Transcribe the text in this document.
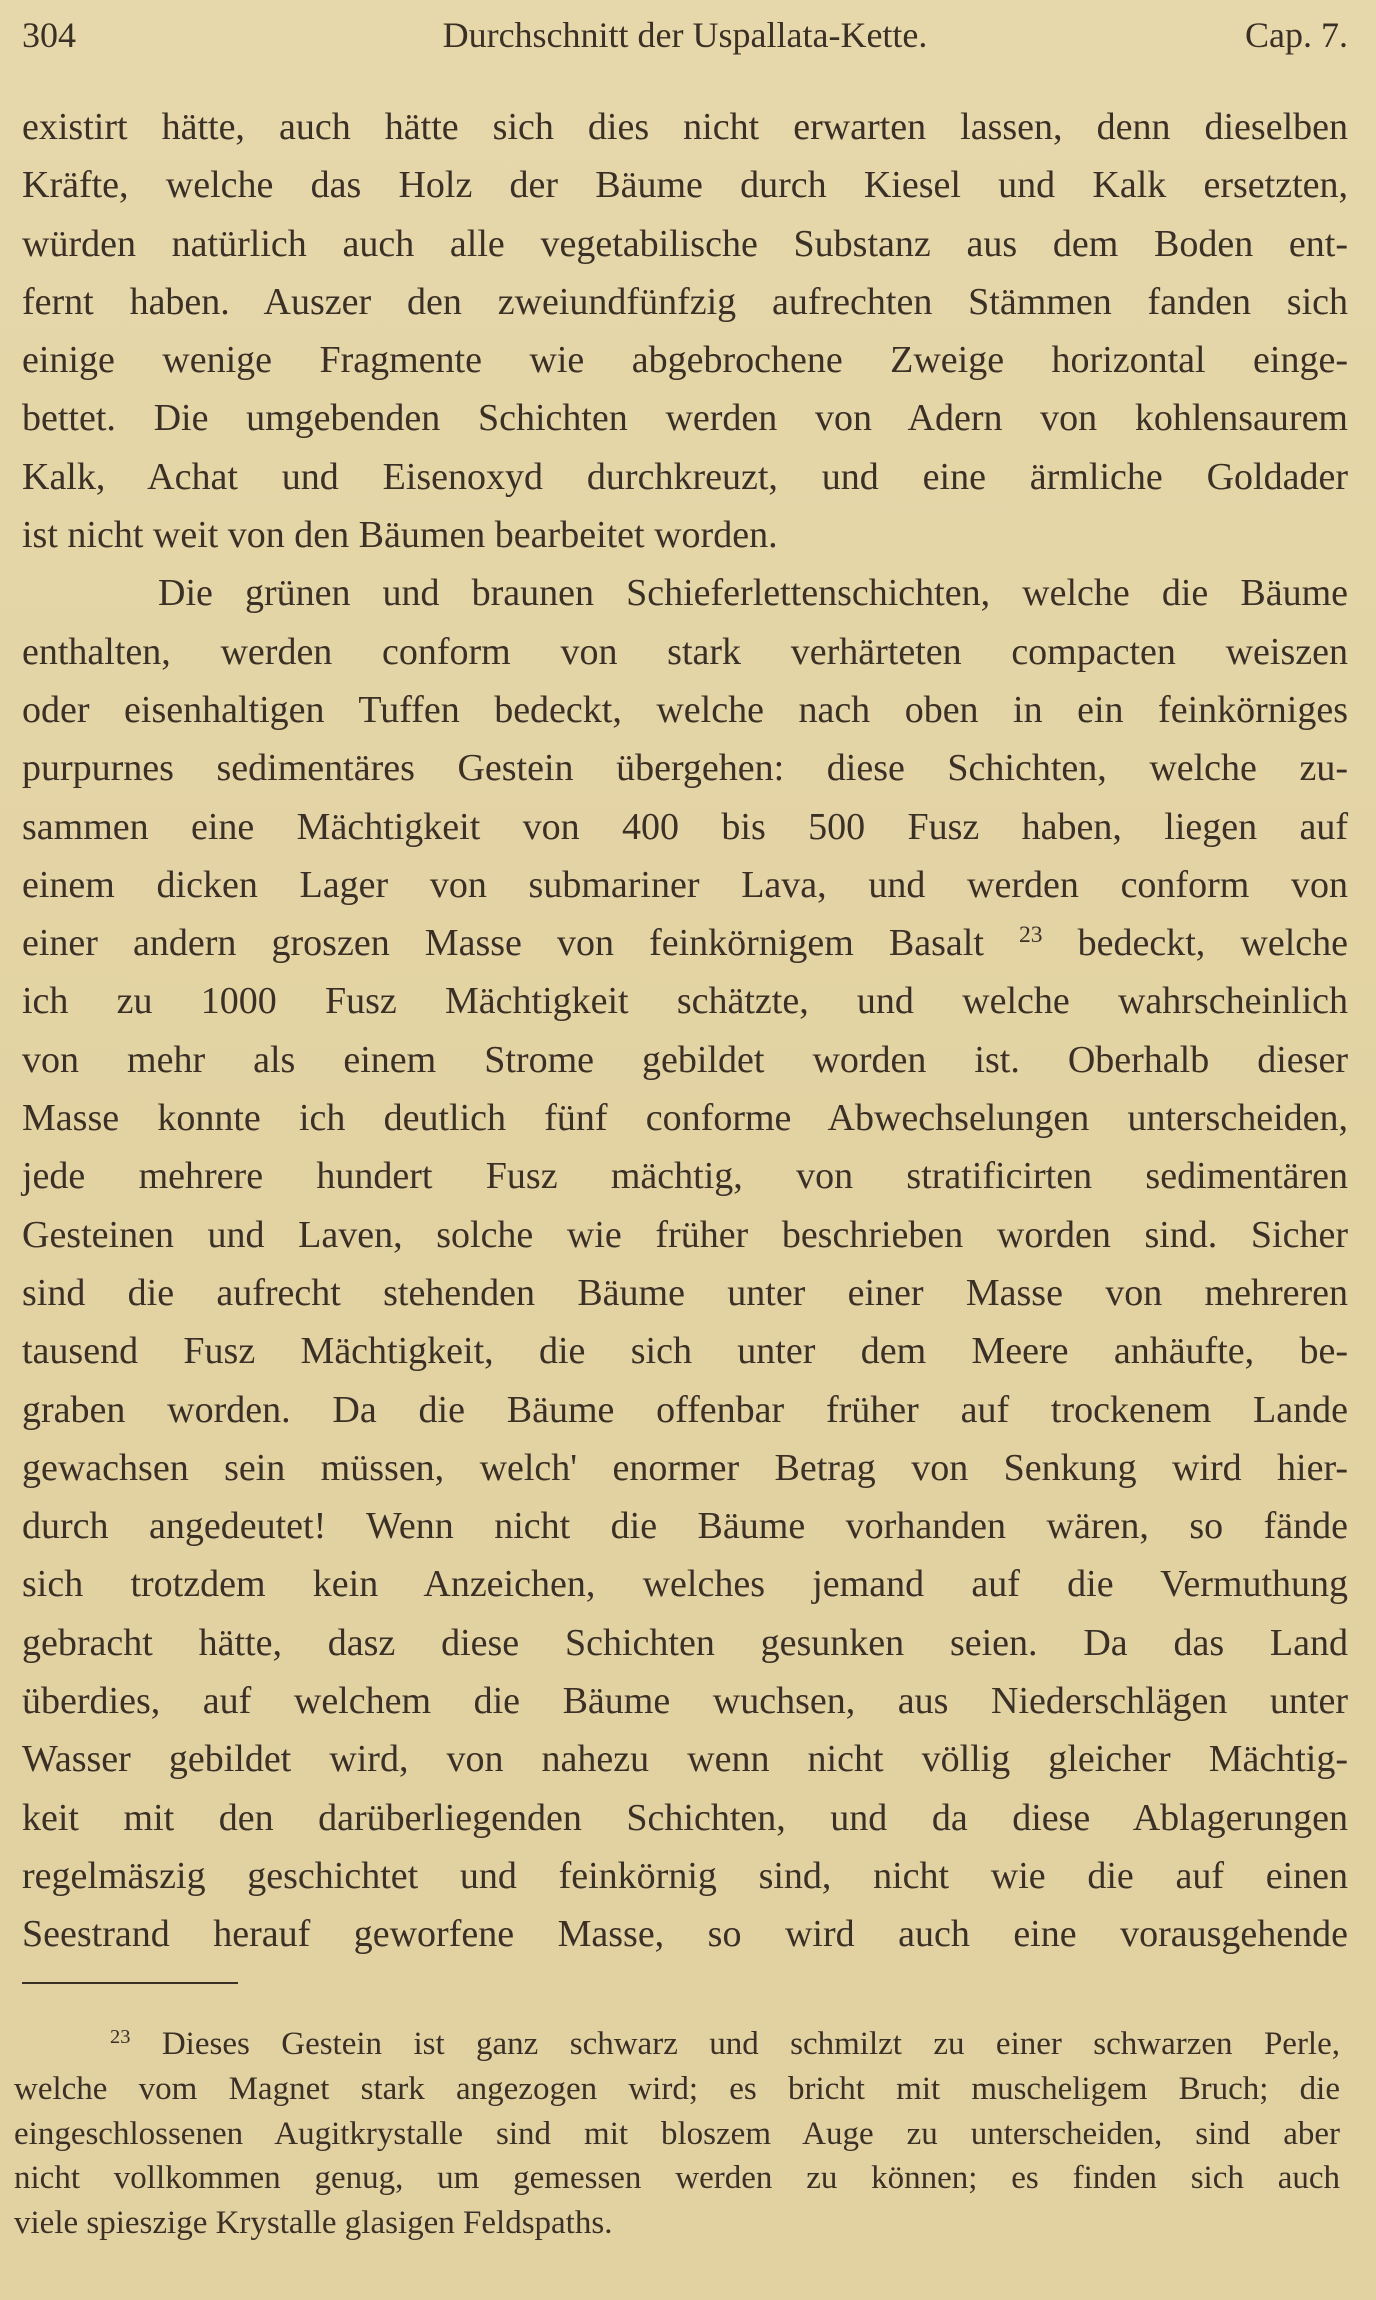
304	Durchschnitt der Uspallata-Kette.	Cap. 7.
existirt hätte, auch hätte sich dies nicht erwarten lassen, denn dieselben
Kräfte, welche das Holz der Bäume durch Kiesel und Kalk ersetzten,
würden natürlich auch alle vegetabilische Substanz aus dem Boden ent-
fernt haben. Auszer den zweiundfünfzig aufrechten Stämmen fanden sich
einige wenige Fragmente wie abgebrochene Zweige horizontal einge-
bettet. Die umgebenden Schichten werden von Adern von kohlensaurem
Kalk, Achat und Eisenoxyd durchkreuzt, und eine ärmliche Goldader
ist nicht weit von den Bäumen bearbeitet worden.
Die grünen und braunen Schieferlettenschichten, welche die Bäume
enthalten, werden conform von stark verhärteten compacten weiszen
oder eisenhaltigen Tuffen bedeckt, welche nach oben in ein feinkörniges
purpurnes sedimentäres Gestein übergehen: diese Schichten, welche zu-
sammen eine Mächtigkeit von 400 bis 500 Fusz haben, liegen auf
einem dicken Lager von submariner Lava, und werden conform von
einer andern groszen Masse von feinkörnigem Basalt $^{23}$ bedeckt, welche
ich zu 1000 Fusz Mächtigkeit schätzte, und welche wahrscheinlich
von mehr als einem Strome gebildet worden ist. Oberhalb dieser
Masse konnte ich deutlich fünf conforme Abwechselungen unterscheiden,
jede mehrere hundert Fusz mächtig, von stratificirten sedimentären
Gesteinen und Laven, solche wie früher beschrieben worden sind. Sicher
sind die aufrecht stehenden Bäume unter einer Masse von mehreren
tausend Fusz Mächtigkeit, die sich unter dem Meere anhäufte, be-
graben worden. Da die Bäume offenbar früher auf trockenem Lande
gewachsen sein müssen, welch' enormer Betrag von Senkung wird hier-
durch angedeutet! Wenn nicht die Bäume vorhanden wären, so fände
sich trotzdem kein Anzeichen, welches jemand auf die Vermuthung
gebracht hätte, dasz diese Schichten gesunken seien. Da das Land
überdies, auf welchem die Bäume wuchsen, aus Niederschlägen unter
Wasser gebildet wird, von nahezu wenn nicht völlig gleicher Mächtig-
keit mit den darüberliegenden Schichten, und da diese Ablagerungen
regelmäszig geschichtet und feinkörnig sind, nicht wie die auf einen
Seestrand herauf geworfene Masse, so wird auch eine vorausgehende
$^{23}$ Dieses Gestein ist ganz schwarz und schmilzt zu einer schwarzen Perle,
welche vom Magnet stark angezogen wird; es bricht mit muscheligem Bruch; die
eingeschlossenen Augitkrystalle sind mit bloszem Auge zu unterscheiden, sind aber
nicht vollkommen genug, um gemessen werden zu können; es finden sich auch
viele spieszige Krystalle glasigen Feldspaths.
